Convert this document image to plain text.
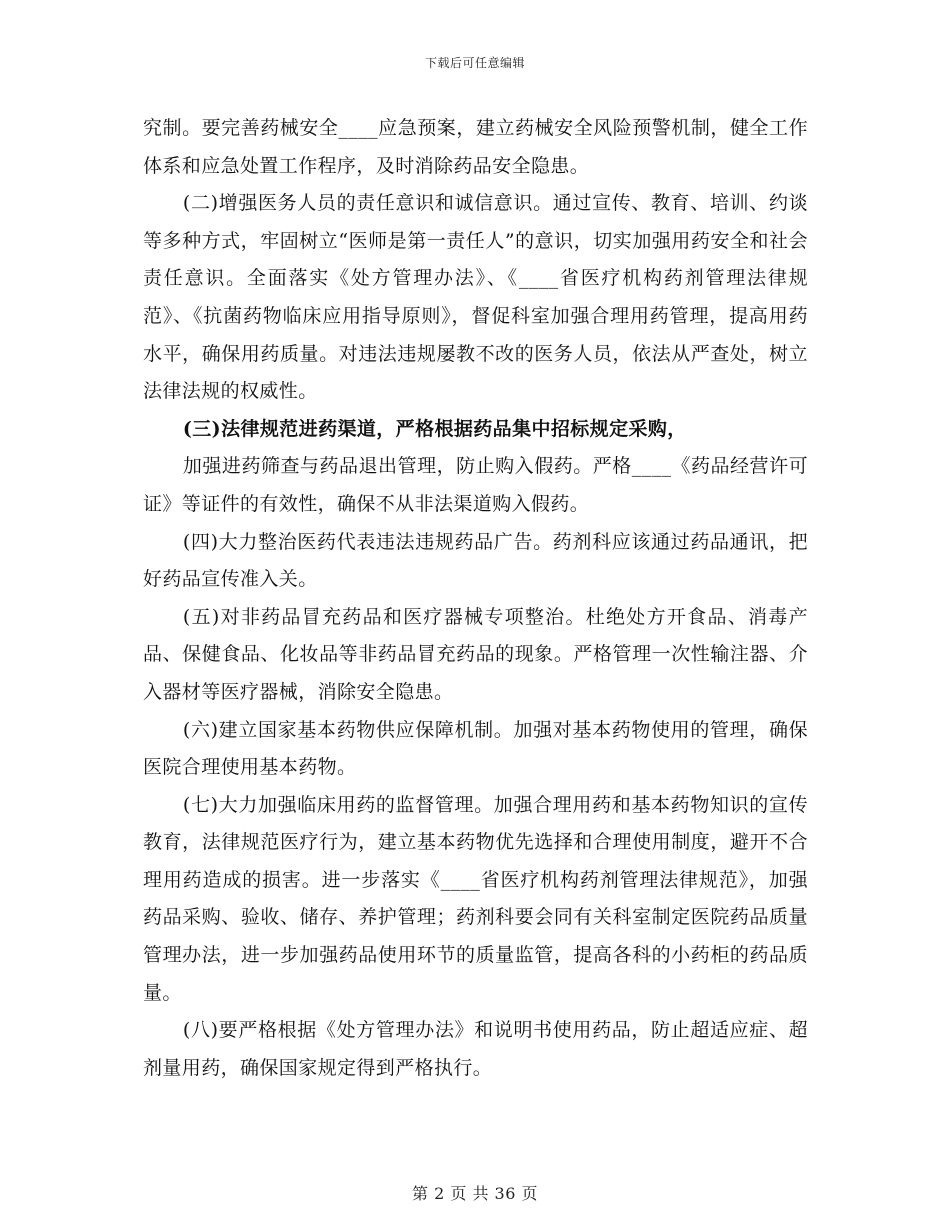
下载后可任意编辑

究制。要完善药械安全____应急预案，建立药械安全风险预警机制，健全工作体系和应急处置工作程序，及时消除药品安全隐患。

(二)增强医务人员的责任意识和诚信意识。通过宣传、教育、培训、约谈等多种方式，牢固树立“医师是第一责任人”的意识，切实加强用药安全和社会责任意识。全面落实《处方管理办法》、《____省医疗机构药剂管理法律规范》、《抗菌药物临床应用指导原则》，督促科室加强合理用药管理，提高用药水平，确保用药质量。对违法违规屡教不改的医务人员，依法从严查处，树立法律法规的权威性。

(三)法律规范进药渠道，严格根据药品集中招标规定采购，

加强进药筛查与药品退出管理，防止购入假药。严格____《药品经营许可证》等证件的有效性，确保不从非法渠道购入假药。

(四)大力整治医药代表违法违规药品广告。药剂科应该通过药品通讯，把好药品宣传准入关。

(五)对非药品冒充药品和医疗器械专项整治。杜绝处方开食品、消毒产品、保健食品、化妆品等非药品冒充药品的现象。严格管理一次性输注器、介入器材等医疗器械，消除安全隐患。

(六)建立国家基本药物供应保障机制。加强对基本药物使用的管理，确保医院合理使用基本药物。

(七)大力加强临床用药的监督管理。加强合理用药和基本药物知识的宣传教育，法律规范医疗行为，建立基本药物优先选择和合理使用制度，避开不合理用药造成的损害。进一步落实《____省医疗机构药剂管理法律规范》，加强药品采购、验收、储存、养护管理；药剂科要会同有关科室制定医院药品质量管理办法，进一步加强药品使用环节的质量监管，提高各科的小药柜的药品质量。

(八)要严格根据《处方管理办法》和说明书使用药品，防止超适应症、超剂量用药，确保国家规定得到严格执行。

第 2 页 共 36 页
